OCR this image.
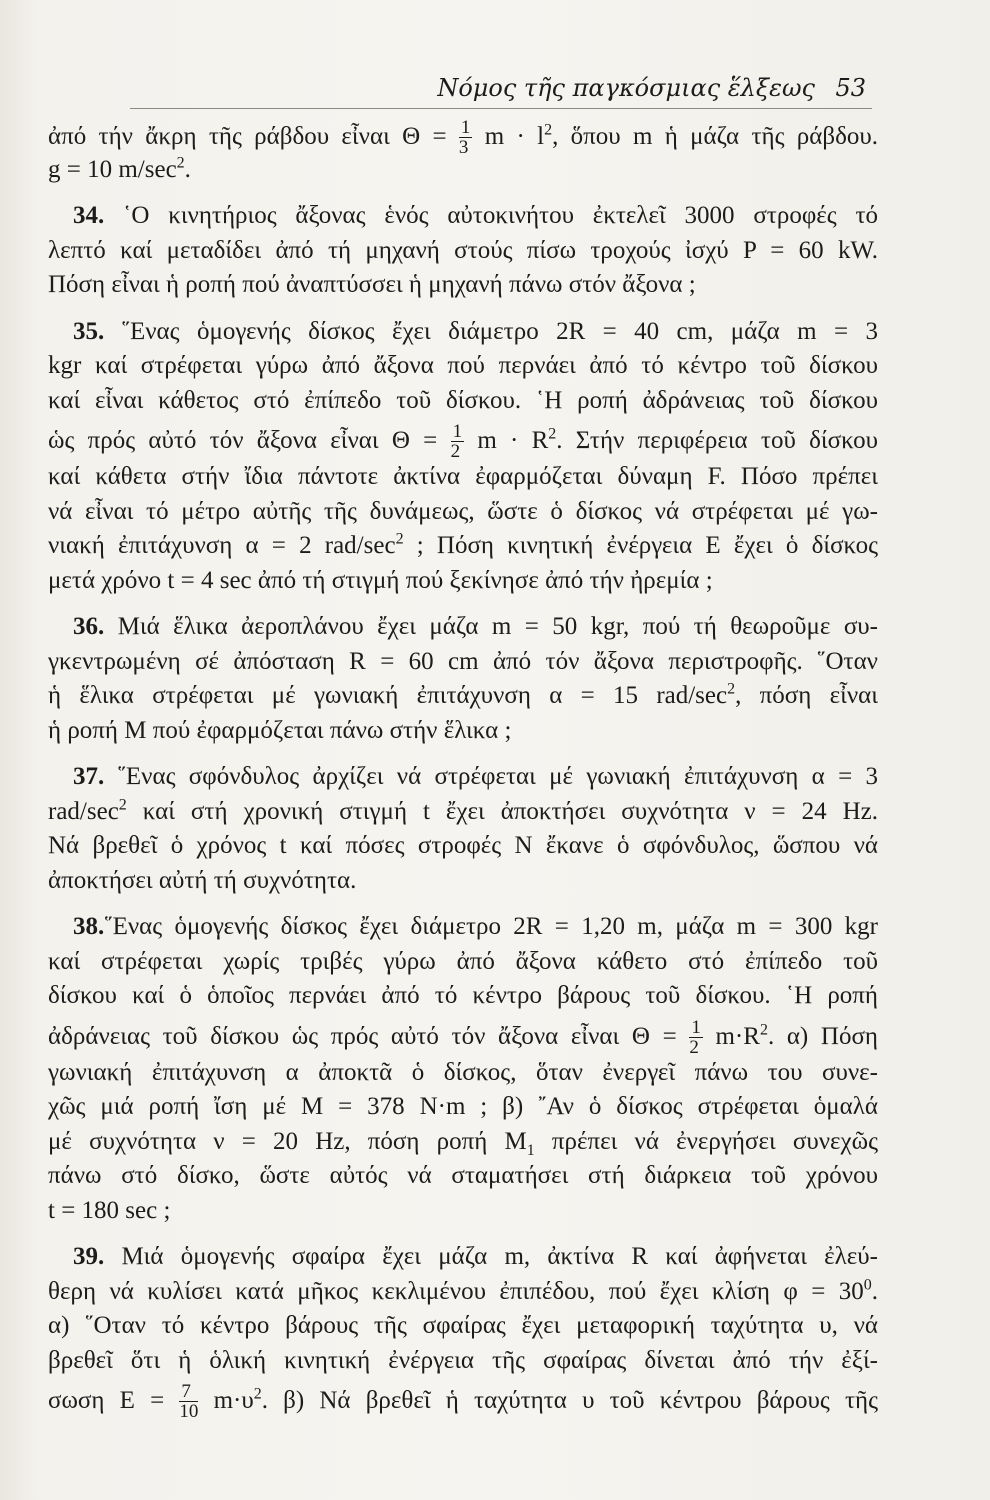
Νόμος τῆς παγκόσμιας ἕλξεως 53
ἀπό τήν ἄκρη τῆς ράβδου εἶναι $\Theta = \frac{1}{3}$ $m \cdot l^2$, ὅπου m ἡ μάζα τῆς ράβδου.
g = 10 $m/\sec^2$.
 34. ῾Ο κινητήριος ἄξονας ἑνός αὐτοκινήτου ἐκτελεῖ 3000 στροφές τό
λεπτό καί μεταδίδει ἀπό τή μηχανή στούς πίσω τροχούς ἰσχύ P = 60 kW.
Πόση εἶναι ἡ ροπή πού ἀναπτύσσει ἡ μηχανή πάνω στόν ἄξονα ;
 35. ῞Ενας ὁμογενής δίσκος ἔχει διάμετρο 2R = 40 cm, μάζα m = 3
kgr καί στρέφεται γύρω ἀπό ἄξονα πού περνάει ἀπό τό κέντρο τοῦ δίσκου
καί εἶναι κάθετος στό ἐπίπεδο τοῦ δίσκου. ῾Η ροπή ἀδράνειας τοῦ δίσκου
ὡς πρός αὐτό τόν ἄξονα εἶναι $\Theta = \frac{1}{2}$ $m \cdot R^2$. Στήν περιφέρεια τοῦ δίσκου
καί κάθετα στήν ἴδια πάντοτε ἀκτίνα ἐφαρμόζεται δύναμη F. Πόσο πρέπει
νά εἶναι τό μέτρο αὐτῆς τῆς δυνάμεως, ὥστε ὁ δίσκος νά στρέφεται μέ γω-
νιακή ἐπιτάχυνση α = 2 rad/$\sec^2$ ; Πόση κινητική ἐνέργεια E ἔχει ὁ δίσκος
μετά χρόνο t = 4 sec ἀπό τή στιγμή πού ξεκίνησε ἀπό τήν ἠρεμία ;
 36. Μιά ἕλικα ἀεροπλάνου ἔχει μάζα m = 50 kgr, πού τή θεωροῦμε συ-
γκεντρωμένη σέ ἀπόσταση R = 60 cm ἀπό τόν ἄξονα περιστροφῆς. ῞Οταν
ἡ ἕλικα στρέφεται μέ γωνιακή ἐπιτάχυνση α = 15 rad/$\sec^2$, πόση εἶναι
ἡ ροπή M πού ἐφαρμόζεται πάνω στήν ἕλικα ;
 37. ῞Ενας σφόνδυλος ἀρχίζει νά στρέφεται μέ γωνιακή ἐπιτάχυνση α = 3
rad/$\sec^2$ καί στή χρονική στιγμή t ἔχει ἀποκτήσει συχνότητα ν = 24 Hz.
Νά βρεθεῖ ὁ χρόνος t καί πόσες στροφές N ἔκανε ὁ σφόνδυλος, ὥσπου νά
ἀποκτήσει αὐτή τή συχνότητα.
 38.῞Ενας ὁμογενής δίσκος ἔχει διάμετρο 2R = 1,20 m, μάζα m = 300 kgr
καί στρέφεται χωρίς τριβές γύρω ἀπό ἄξονα κάθετο στό ἐπίπεδο τοῦ
δίσκου καί ὁ ὁποῖος περνάει ἀπό τό κέντρο βάρους τοῦ δίσκου. ῾Η ροπή
ἀδράνειας τοῦ δίσκου ὡς πρός αὐτό τόν ἄξονα εἶναι $\Theta = \frac{1}{2} m\cdot R^2$. α) Πόση
γωνιακή ἐπιτάχυνση α ἀποκτᾶ ὁ δίσκος, ὅταν ἐνεργεῖ πάνω του συνε-
χῶς μιά ροπή ἴση μέ M = 378 N·m ; β) ῎Αν ὁ δίσκος στρέφεται ὁμαλά
μέ συχνότητα ν = 20 Hz, πόση ροπή $M_1$ πρέπει νά ἐνεργήσει συνεχῶς
πάνω στό δίσκο, ὥστε αὐτός νά σταματήσει στή διάρκεια τοῦ χρόνου
t = 180 sec ;
 39. Μιά ὁμογενής σφαίρα ἔχει μάζα m, ἀκτίνα R καί ἀφήνεται ἐλεύ-
θερη νά κυλίσει κατά μῆκος κεκλιμένου ἐπιπέδου, πού ἔχει κλίση $\varphi = 30^0$.
α) ῞Οταν τό κέντρο βάρους τῆς σφαίρας ἔχει μεταφορική ταχύτητα υ, νά
βρεθεῖ ὅτι ἡ ὁλική κινητική ἐνέργεια τῆς σφαίρας δίνεται ἀπό τήν ἐξί-
σωση $E = \frac{7}{10} m\cdot\upsilon^2$. β) Νά βρεθεῖ ἡ ταχύτητα υ τοῦ κέντρου βάρους τῆς
